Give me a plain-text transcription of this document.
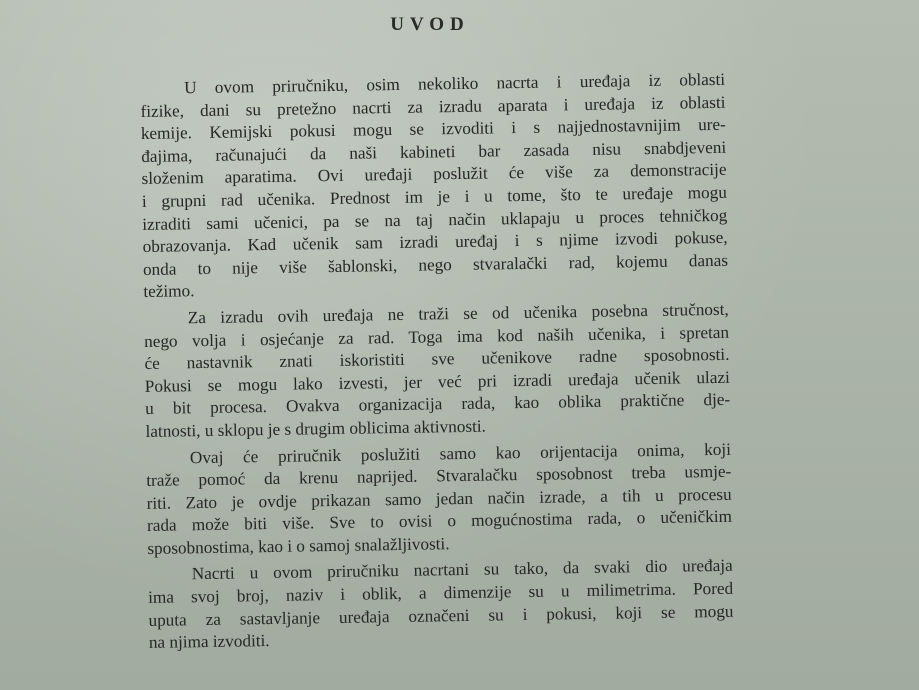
UVOD
U ovom priručniku, osim nekoliko nacrta i uređaja iz oblasti
fizike, dani su pretežno nacrti za izradu aparata i uređaja iz oblasti
kemije. Kemijski pokusi mogu se izvoditi i s najjednostavnijim ure-
đajima, računajući da naši kabineti bar zasada nisu snabdjeveni
složenim aparatima. Ovi uređaji poslužit će više za demonstracije
i grupni rad učenika. Prednost im je i u tome, što te uređaje mogu
izraditi sami učenici, pa se na taj način uklapaju u proces tehničkog
obrazovanja. Kad učenik sam izradi uređaj i s njime izvodi pokuse,
onda to nije više šablonski, nego stvaralački rad, kojemu danas
težimo.
Za izradu ovih uređaja ne traži se od učenika posebna stručnost,
nego volja i osjećanje za rad. Toga ima kod naših učenika, i spretan
će nastavnik znati iskoristiti sve učenikove radne sposobnosti.
Pokusi se mogu lako izvesti, jer već pri izradi uređaja učenik ulazi
u bit procesa. Ovakva organizacija rada, kao oblika praktične dje-
latnosti, u sklopu je s drugim oblicima aktivnosti.
Ovaj će priručnik poslužiti samo kao orijentacija onima, koji
traže pomoć da krenu naprijed. Stvaralačku sposobnost treba usmje-
riti. Zato je ovdje prikazan samo jedan način izrade, a tih u procesu
rada može biti više. Sve to ovisi o mogućnostima rada, o učeničkim
sposobnostima, kao i o samoj snalažljivosti.
Nacrti u ovom priručniku nacrtani su tako, da svaki dio uređaja
ima svoj broj, naziv i oblik, a dimenzije su u milimetrima. Pored
uputa za sastavljanje uređaja označeni su i pokusi, koji se mogu
na njima izvoditi.
